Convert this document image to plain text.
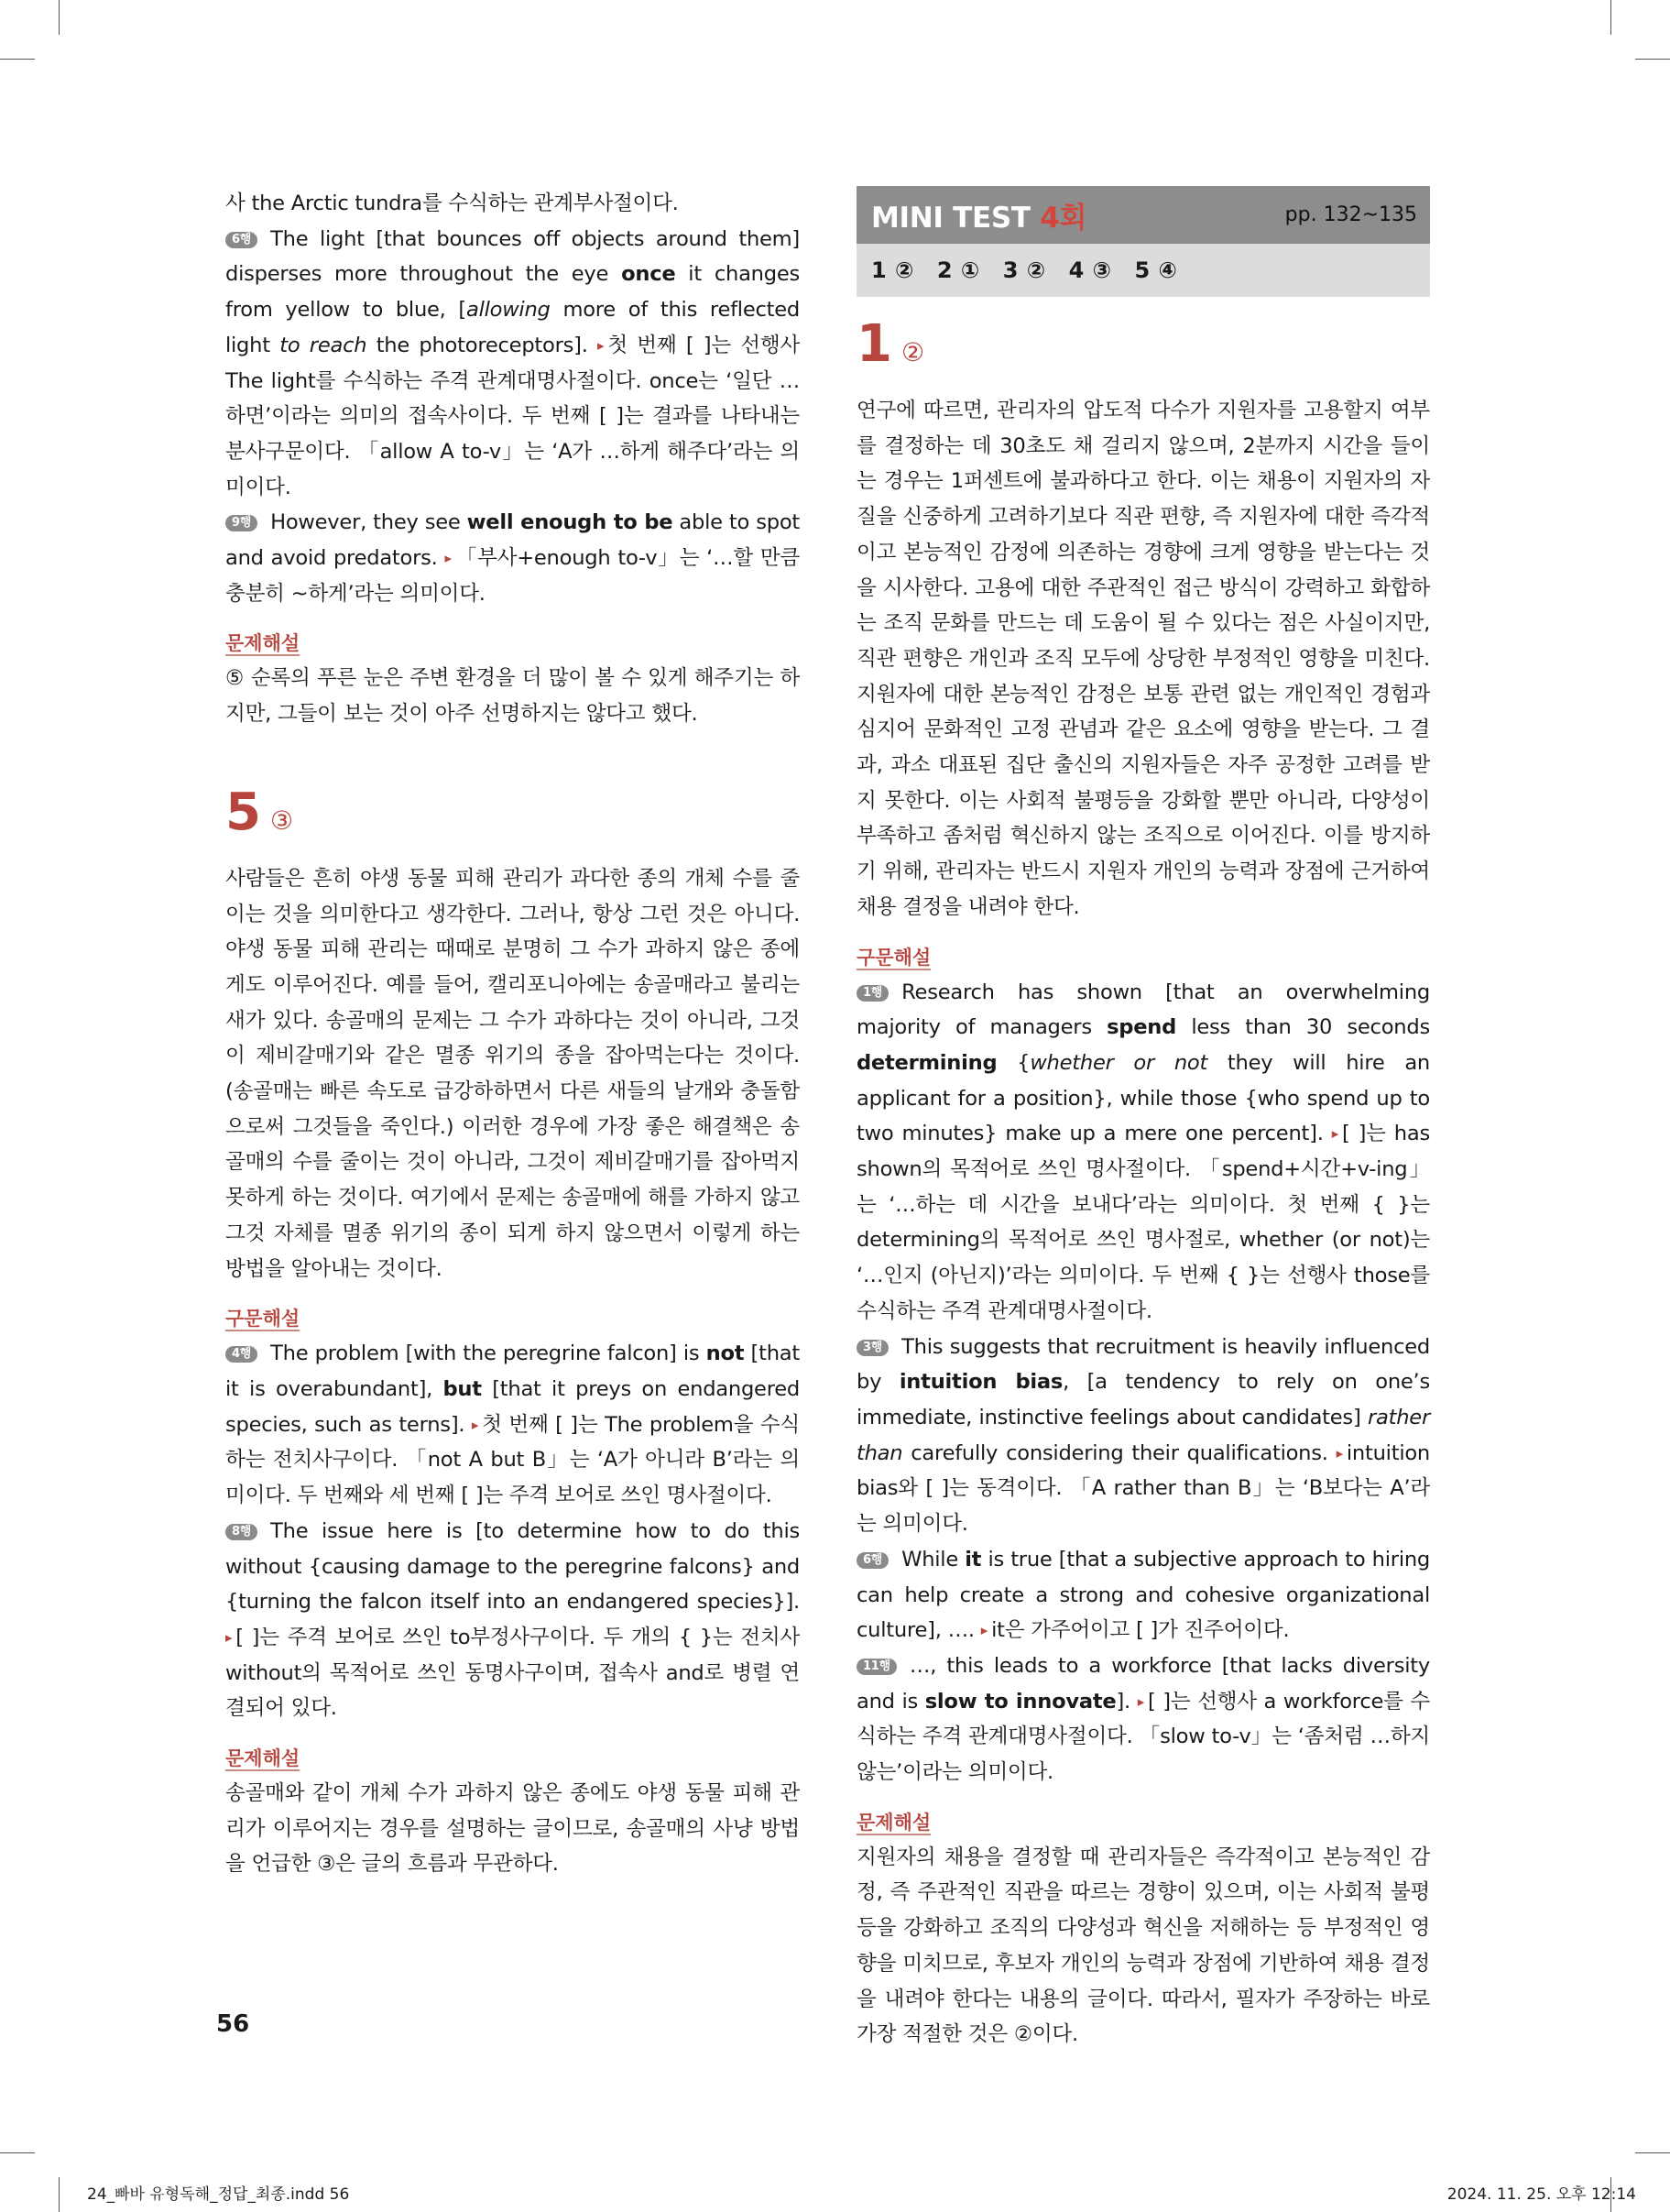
사 the Arctic tundra를 수식하는 관계부사절이다.

6행 The light [that bounces off objects around them] disperses more throughout the eye once it changes from yellow to blue, [allowing more of this reflected light to reach the photoreceptors]. ▸ 첫 번째 [ ]는 선행사 The light를 수식하는 주격 관계대명사절이다. once는 ‘일단 …하면’이라는 의미의 접속사이다. 두 번째 [ ]는 결과를 나타내는 분사구문이다. 「allow A to-v」는 ‘A가 …하게 해주다’라는 의미이다.

9행 However, they see well enough to be able to spot and avoid predators. ▸ 「부사+enough to-v」는 ‘…할 만큼 충분히 ~하게’라는 의미이다.

문제해설

⑤ 순록의 푸른 눈은 주변 환경을 더 많이 볼 수 있게 해주기는 하지만, 그들이 보는 것이 아주 선명하지는 않다고 했다.

5 ③

사람들은 흔히 야생 동물 피해 관리가 과다한 종의 개체 수를 줄이는 것을 의미한다고 생각한다. 그러나, 항상 그런 것은 아니다. 야생 동물 피해 관리는 때때로 분명히 그 수가 과하지 않은 종에게도 이루어진다. 예를 들어, 캘리포니아에는 송골매라고 불리는 새가 있다. 송골매의 문제는 그 수가 과하다는 것이 아니라, 그것이 제비갈매기와 같은 멸종 위기의 종을 잡아먹는다는 것이다. (송골매는 빠른 속도로 급강하하면서 다른 새들의 날개와 충돌함으로써 그것들을 죽인다.) 이러한 경우에 가장 좋은 해결책은 송골매의 수를 줄이는 것이 아니라, 그것이 제비갈매기를 잡아먹지 못하게 하는 것이다. 여기에서 문제는 송골매에 해를 가하지 않고 그것 자체를 멸종 위기의 종이 되게 하지 않으면서 이렇게 하는 방법을 알아내는 것이다.

구문해설

4행 The problem [with the peregrine falcon] is not [that it is overabundant], but [that it preys on endangered species, such as terns]. ▸ 첫 번째 [ ]는 The problem을 수식하는 전치사구이다. 「not A but B」는 ‘A가 아니라 B’라는 의미이다. 두 번째와 세 번째 [ ]는 주격 보어로 쓰인 명사절이다.

8행 The issue here is [to determine how to do this without {causing damage to the peregrine falcons} and {turning the falcon itself into an endangered species}]. ▸ [ ]는 주격 보어로 쓰인 to부정사구이다. 두 개의 { }는 전치사 without의 목적어로 쓰인 동명사구이며, 접속사 and로 병렬 연결되어 있다.

문제해설

송골매와 같이 개체 수가 과하지 않은 종에도 야생 동물 피해 관리가 이루어지는 경우를 설명하는 글이므로, 송골매의 사냥 방법을 언급한 ③은 글의 흐름과 무관하다.

MINI TEST 4회	pp. 132~135
1 ② 2 ① 3 ② 4 ③ 5 ④
1 ②

연구에 따르면, 관리자의 압도적 다수가 지원자를 고용할지 여부를 결정하는 데 30초도 채 걸리지 않으며, 2분까지 시간을 들이는 경우는 1퍼센트에 불과하다고 한다. 이는 채용이 지원자의 자질을 신중하게 고려하기보다 직관 편향, 즉 지원자에 대한 즉각적이고 본능적인 감정에 의존하는 경향에 크게 영향을 받는다는 것을 시사한다. 고용에 대한 주관적인 접근 방식이 강력하고 화합하는 조직 문화를 만드는 데 도움이 될 수 있다는 점은 사실이지만, 직관 편향은 개인과 조직 모두에 상당한 부정적인 영향을 미친다. 지원자에 대한 본능적인 감정은 보통 관련 없는 개인적인 경험과 심지어 문화적인 고정 관념과 같은 요소에 영향을 받는다. 그 결과, 과소 대표된 집단 출신의 지원자들은 자주 공정한 고려를 받지 못한다. 이는 사회적 불평등을 강화할 뿐만 아니라, 다양성이 부족하고 좀처럼 혁신하지 않는 조직으로 이어진다. 이를 방지하기 위해, 관리자는 반드시 지원자 개인의 능력과 장점에 근거하여 채용 결정을 내려야 한다.

구문해설

1행 Research has shown [that an overwhelming majority of managers spend less than 30 seconds determining {whether or not they will hire an applicant for a position}, while those {who spend up to two minutes} make up a mere one percent]. ▸ [ ]는 has shown의 목적어로 쓰인 명사절이다. 「spend+시간+v-ing」는 ‘…하는 데 시간을 보내다’라는 의미이다. 첫 번째 { }는 determining의 목적어로 쓰인 명사절로, whether (or not)는 ‘…인지 (아닌지)’라는 의미이다. 두 번째 { }는 선행사 those를 수식하는 주격 관계대명사절이다.

3행 This suggests that recruitment is heavily influenced by intuition bias, [a tendency to rely on one’s immediate, instinctive feelings about candidates] rather than carefully considering their qualifications. ▸ intuition bias와 [ ]는 동격이다. 「A rather than B」는 ‘B보다는 A’라는 의미이다.

6행 While it is true [that a subjective approach to hiring can help create a strong and cohesive organizational culture], …. ▸ it은 가주어이고 [ ]가 진주어이다.

11행 …, this leads to a workforce [that lacks diversity and is slow to innovate]. ▸ [ ]는 선행사 a workforce를 수식하는 주격 관계대명사절이다. 「slow to-v」는 ‘좀처럼 …하지 않는’이라는 의미이다.

문제해설

지원자의 채용을 결정할 때 관리자들은 즉각적이고 본능적인 감정, 즉 주관적인 직관을 따르는 경향이 있으며, 이는 사회적 불평등을 강화하고 조직의 다양성과 혁신을 저해하는 등 부정적인 영향을 미치므로, 후보자 개인의 능력과 장점에 기반하여 채용 결정을 내려야 한다는 내용의 글이다. 따라서, 필자가 주장하는 바로 가장 적절한 것은 ②이다.

56
24_빠바 유형독해_정답_최종.indd 56	2024. 11. 25. 오후 12:14
